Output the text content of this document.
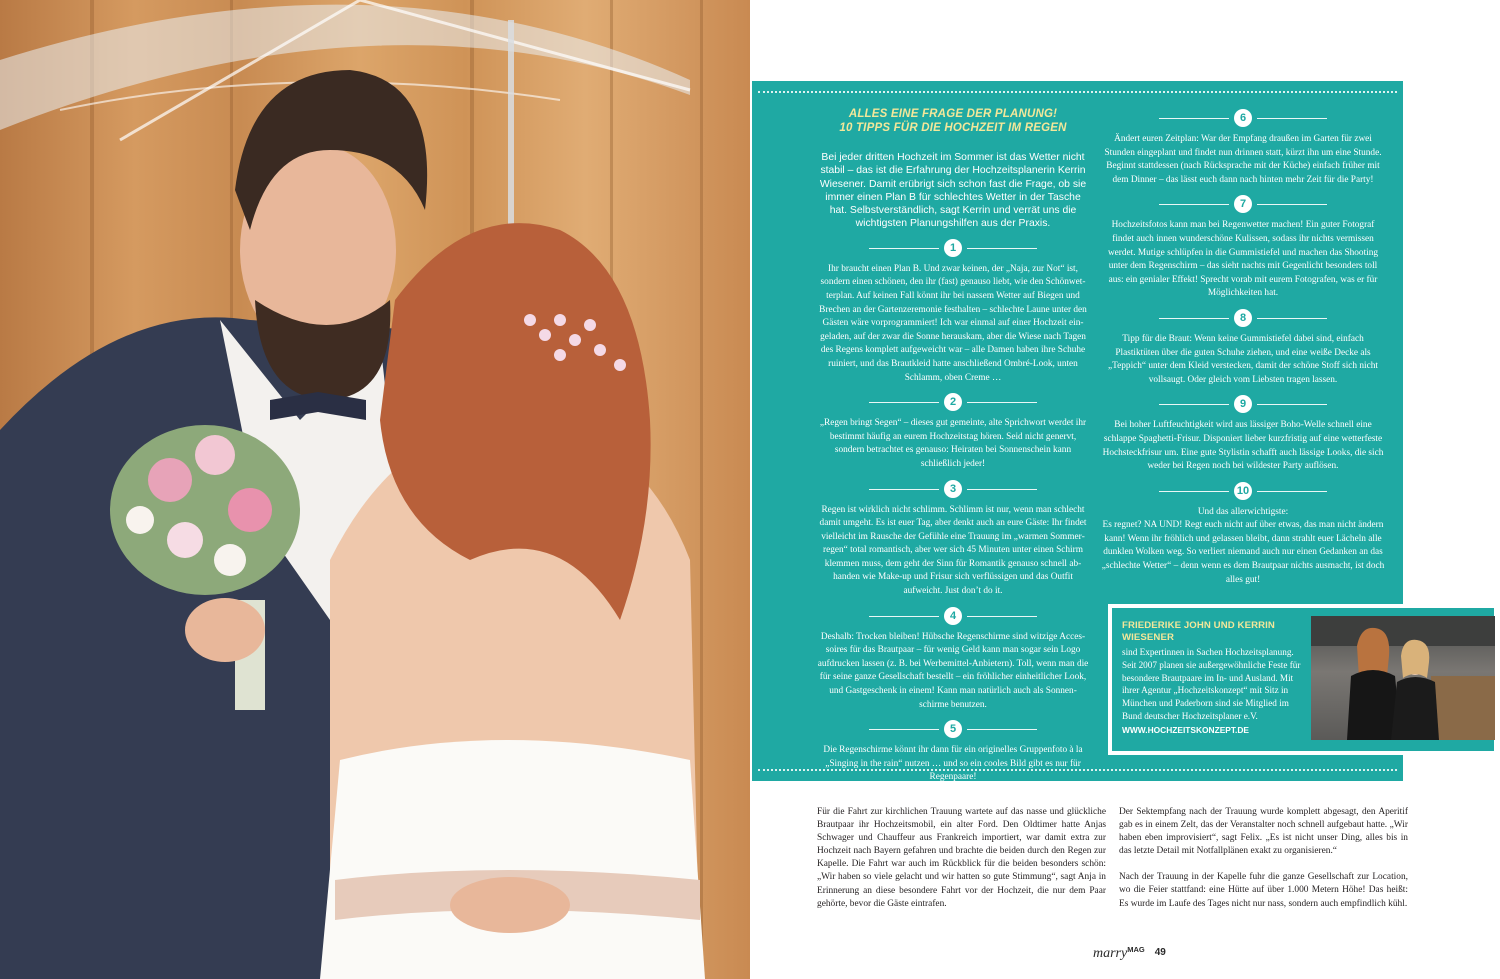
ALLES EINE FRAGE DER PLANUNG!
10 TIPPS FÜR DIE HOCHZEIT IM REGEN
Bei jeder dritten Hochzeit im Sommer ist das Wetter nicht stabil – das ist die Erfahrung der Hochzeitsplanerin Kerrin Wiesener. Damit erübrigt sich schon fast die Frage, ob sie immer einen Plan B für schlechtes Wetter in der Tasche hat. Selbstverständlich, sagt Kerrin und verrät uns die wichtigsten Planungshilfen aus der Praxis.
1
Ihr braucht einen Plan B. Und zwar keinen, der „Naja, zur Not“ ist, sondern einen schönen, den ihr (fast) genauso liebt, wie den Schönwetterplan. Auf keinen Fall könnt ihr bei nassem Wetter auf Biegen und Brechen an der Gartenzeremonie festhalten – schlechte Laune unter den Gästen wäre vorprogrammiert! Ich war einmal auf einer Hochzeit eingeladen, auf der zwar die Sonne herauskam, aber die Wiese nach Tagen des Regens komplett aufgeweicht war – alle Damen haben ihre Schuhe ruiniert, und das Brautkleid hatte anschließend Ombré-Look, unten Schlamm, oben Creme …
2
„Regen bringt Segen“ – dieses gut gemeinte, alte Sprichwort werdet ihr bestimmt häufig an eurem Hochzeitstag hören. Seid nicht genervt, sondern betrachtet es genauso: Heiraten bei Sonnenschein kann schließlich jeder!
3
Regen ist wirklich nicht schlimm. Schlimm ist nur, wenn man schlecht damit umgeht. Es ist euer Tag, aber denkt auch an eure Gäste: Ihr findet vielleicht im Rausche der Gefühle eine Trauung im „warmen Sommerregen“ total romantisch, aber wer sich 45 Minuten unter einen Schirm klemmen muss, dem geht der Sinn für Romantik genauso schnell abhanden wie Make-up und Frisur sich verflüssigen und das Outfit aufweicht. Just don’t do it.
4
Deshalb: Trocken bleiben! Hübsche Regenschirme sind witzige Accessoires für das Brautpaar – für wenig Geld kann man sogar sein Logo aufdrucken lassen (z. B. bei Werbemittel-Anbietern). Toll, wenn man die für seine ganze Gesellschaft bestellt – ein fröhlicher einheitlicher Look, und Gastgeschenk in einem! Kann man natürlich auch als Sonnenschirme benutzen.
5
Die Regenschirme könnt ihr dann für ein originelles Gruppenfoto à la „Singing in the rain“ nutzen … und so ein cooles Bild gibt es nur für Regenpaare!
6
Ändert euren Zeitplan: War der Empfang draußen im Garten für zwei Stunden eingeplant und findet nun drinnen statt, kürzt ihn um eine Stunde. Beginnt stattdessen (nach Rücksprache mit der Küche) einfach früher mit dem Dinner – das lässt euch dann nach hinten mehr Zeit für die Party!
7
Hochzeitsfotos kann man bei Regenwetter machen! Ein guter Fotograf findet auch innen wunderschöne Kulissen, sodass ihr nichts vermissen werdet. Mutige schlüpfen in die Gummistiefel und machen das Shooting unter dem Regenschirm – das sieht nachts mit Gegenlicht besonders toll aus: ein genialer Effekt! Sprecht vorab mit eurem Fotografen, was er für Möglichkeiten hat.
8
Tipp für die Braut: Wenn keine Gummistiefel dabei sind, einfach Plastiktüten über die guten Schuhe ziehen, und eine weiße Decke als „Teppich“ unter dem Kleid verstecken, damit der schöne Stoff sich nicht vollsaugt. Oder gleich vom Liebsten tragen lassen.
9
Bei hoher Luftfeuchtigkeit wird aus lässiger Boho-Welle schnell eine schlappe Spaghetti-Frisur. Disponiert lieber kurzfristig auf eine wetterfeste Hochsteckfrisur um. Eine gute Stylistin schafft auch lässige Looks, die sich weder bei Regen noch bei wildester Party auflösen.
10
Und das allerwichtigste:
Es regnet? NA UND! Regt euch nicht auf über etwas, das man nicht ändern kann! Wenn ihr fröhlich und gelassen bleibt, dann strahlt euer Lächeln alle dunklen Wolken weg. So verliert niemand auch nur einen Gedanken an das „schlechte Wetter“ – denn wenn es dem Brautpaar nichts ausmacht, ist doch alles gut!
FRIEDERIKE JOHN UND KERRIN WIESENER
sind Expertinnen in Sachen Hochzeitsplanung. Seit 2007 planen sie außergewöhnliche Feste für besondere Brautpaare im In- und Ausland. Mit ihrer Agentur „Hochzeitskonzept“ mit Sitz in München und Paderborn sind sie Mitglied im Bund deutscher Hochzeitsplaner e.V.
WWW.HOCHZEITSKONZEPT.DE

Für die Fahrt zur kirchlichen Trauung wartete auf das nasse und glückliche Brautpaar ihr Hochzeitsmobil, ein alter Ford. Den Oldtimer hatte Anjas Schwager und Chauffeur aus Frankreich importiert, war damit extra zur Hochzeit nach Bayern gefahren und brachte die beiden durch den Regen zur Kapelle. Die Fahrt war auch im Rückblick für die beiden besonders schön: „Wir haben so viele gelacht und wir hatten so gute Stimmung“, sagt Anja in Erinnerung an diese besondere Fahrt vor der Hochzeit, die nur dem Paar gehörte, bevor die Gäste eintrafen.

Der Sektempfang nach der Trauung wurde komplett abgesagt, den Aperitif gab es in einem Zelt, das der Veranstalter noch schnell aufgebaut hatte. „Wir haben eben improvisiert“, sagt Felix. „Es ist nicht unser Ding, alles bis in das letzte Detail mit Notfallplänen exakt zu organisieren.“

Nach der Trauung in der Kapelle fuhr die ganze Gesellschaft zur Location, wo die Feier stattfand: eine Hütte auf über 1.000 Metern Höhe! Das heißt: Es wurde im Laufe des Tages nicht nur nass, sondern auch empfindlich kühl.

marry$^{MAG}$ 49
